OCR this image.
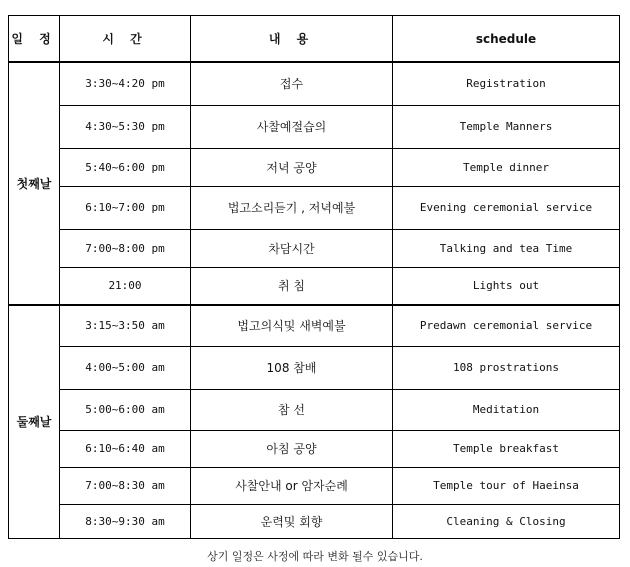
일 정	시 간	내 용	schedule
첫째날	3:30~4:20 pm	접수	Registration
	4:30~5:30 pm	사찰예절습의	Temple Manners
	5:40~6:00 pm	저녁 공양	Temple dinner
	6:10~7:00 pm	법고소리듣기 , 저녁예불	Evening ceremonial service
	7:00~8:00 pm	차담시간	Talking and tea Time
	21:00	취 침	Lights out
둘째날	3:15~3:50 am	법고의식및 새벽예불	Predawn ceremonial service
	4:00~5:00 am	108 참배	108 prostrations
	5:00~6:00 am	참 선	Meditation
	6:10~6:40 am	아침 공양	Temple breakfast
	7:00~8:30 am	사찰안내 or 암자순례	Temple tour of Haeinsa
	8:30~9:30 am	운력및 회향	Cleaning & Closing
상기 일정은 사정에 따라 변화 될수 있습니다.
